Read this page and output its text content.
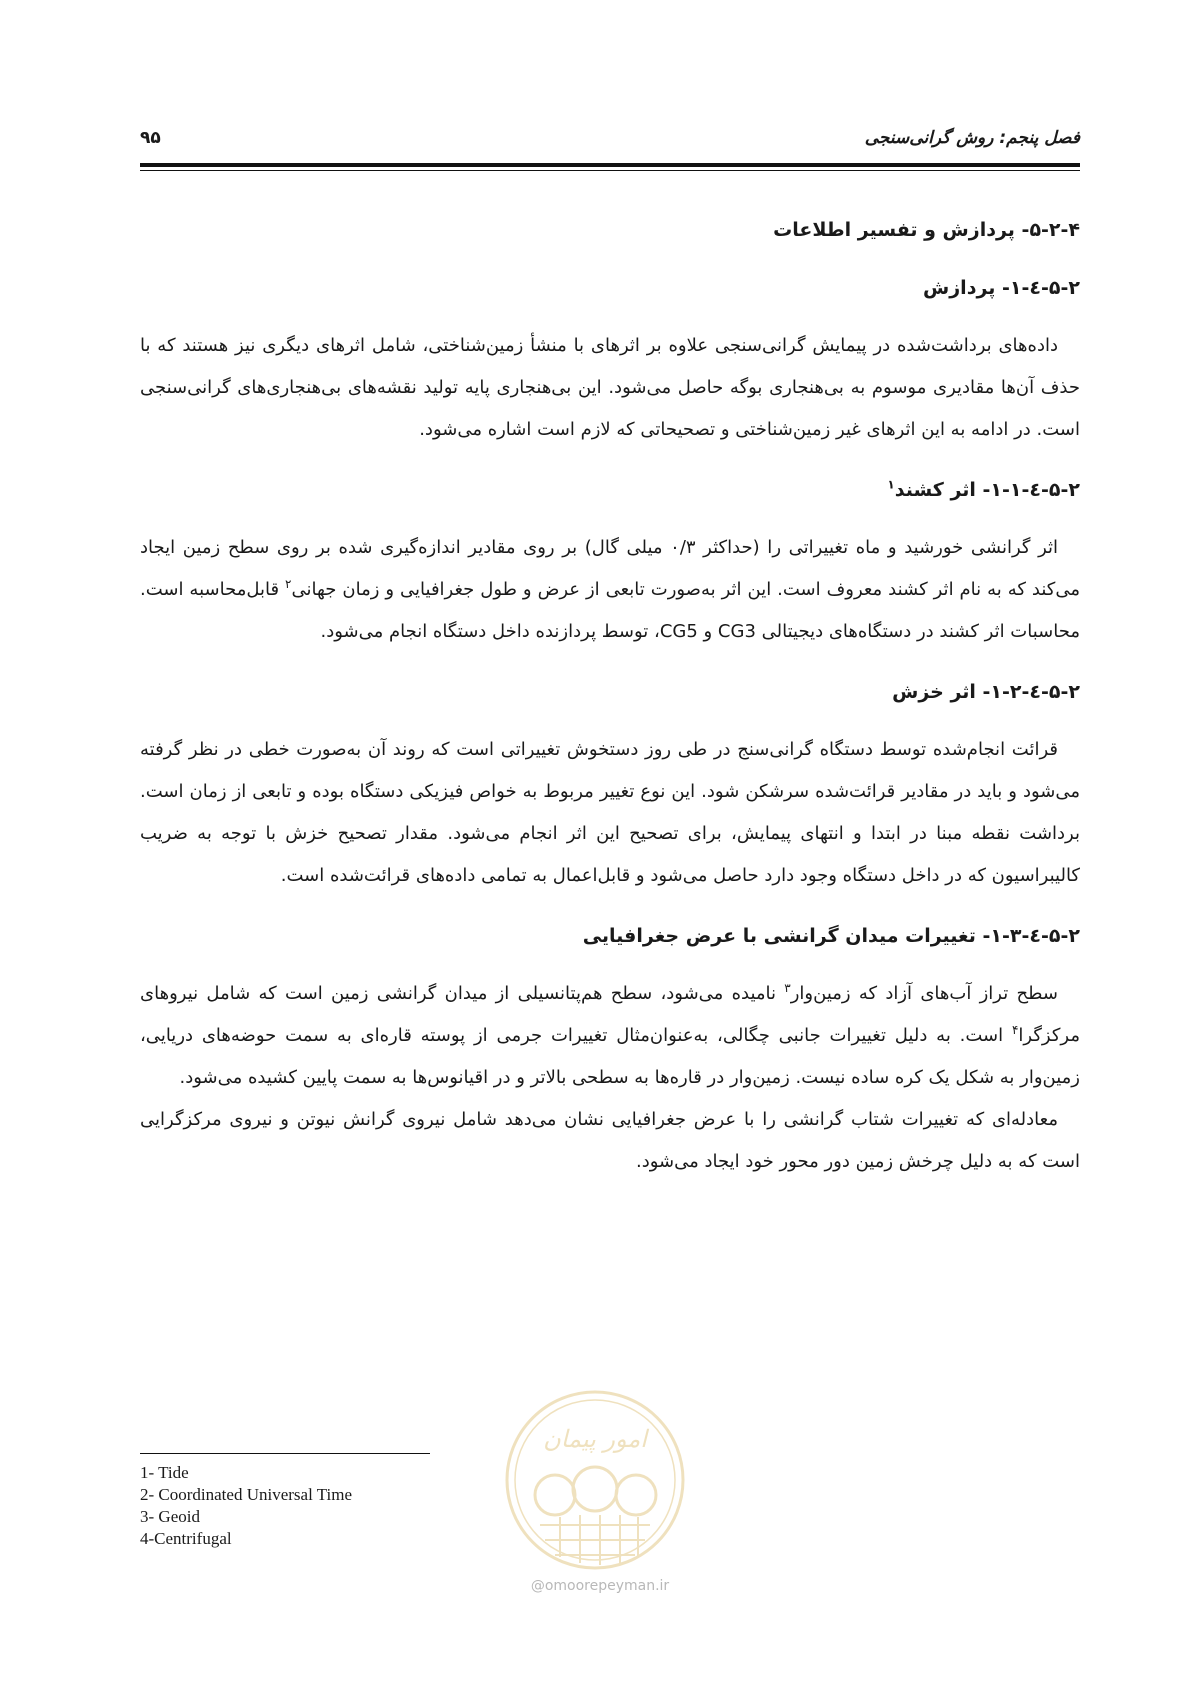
فصل پنجم: روش گرانی‌سنجی
۹۵
۵-۲-۴- پردازش و تفسیر اطلاعات
۵-۲-٤-۱- پردازش

داده‌های برداشت‌شده در پیمایش گرانی‌سنجی علاوه بر اثرهای با منشأ زمین‌شناختی، شامل اثرهای دیگری نیز هستند که با حذف آن‌ها مقادیری موسوم به بی‌هنجاری بوگه حاصل می‌شود. این بی‌هنجاری پایه تولید نقشه‌های بی‌هنجاری‌های گرانی‌سنجی است. در ادامه به این اثرهای غیر زمین‌شناختی و تصحیحاتی که لازم است اشاره می‌شود.

۵-۲-٤-۱-۱- اثر کشند$^۱$

اثر گرانشی خورشید و ماه تغییراتی را (حداکثر ۰/۳ میلی گال) بر روی مقادیر اندازه‌گیری شده بر روی سطح زمین ایجاد می‌کند که به نام اثر کشند معروف است. این اثر به‌صورت تابعی از عرض و طول جغرافیایی و زمان جهانی$^۲$ قابل‌محاسبه است. محاسبات اثر کشند در دستگاه‌های دیجیتالی CG3 و CG5، توسط پردازنده داخل دستگاه انجام می‌شود.

۵-۲-٤-۱-۲- اثر خزش

قرائت انجام‌شده توسط دستگاه گرانی‌سنج در طی روز دستخوش تغییراتی است که روند آن به‌صورت خطی در نظر گرفته می‌شود و باید در مقادیر قرائت‌شده سرشکن شود. این نوع تغییر مربوط به خواص فیزیکی دستگاه بوده و تابعی از زمان است. برداشت نقطه مبنا در ابتدا و انتهای پیمایش، برای تصحیح این اثر انجام می‌شود. مقدار تصحیح خزش با توجه به ضریب کالیبراسیون که در داخل دستگاه وجود دارد حاصل می‌شود و قابل‌اعمال به تمامی داده‌های قرائت‌شده است.

۵-۲-٤-۱-۳- تغییرات میدان گرانشی با عرض جغرافیایی

سطح تراز آب‌های آزاد که زمین‌وار$^۳$ نامیده می‌شود، سطح هم‌پتانسیلی از میدان گرانشی زمین است که شامل نیروهای مرکزگرا$^۴$ است. به دلیل تغییرات جانبی چگالی، به‌عنوان‌مثال تغییرات جرمی از پوسته قاره‌ای به سمت حوضه‌های دریایی، زمین‌وار به شکل یک کره ساده نیست. زمین‌وار در قاره‌ها به سطحی بالاتر و در اقیانوس‌ها به سمت پایین کشیده می‌شود.

معادله‌ای که تغییرات شتاب گرانشی را با عرض جغرافیایی نشان می‌دهد شامل نیروی گرانش نیوتن و نیروی مرکزگرایی است که به دلیل چرخش زمین دور محور خود ایجاد می‌شود.

1- Tide
2- Coordinated Universal Time
3- Geoid
4-Centrifugal
امور پیمان
@omoorepeyman.ir
